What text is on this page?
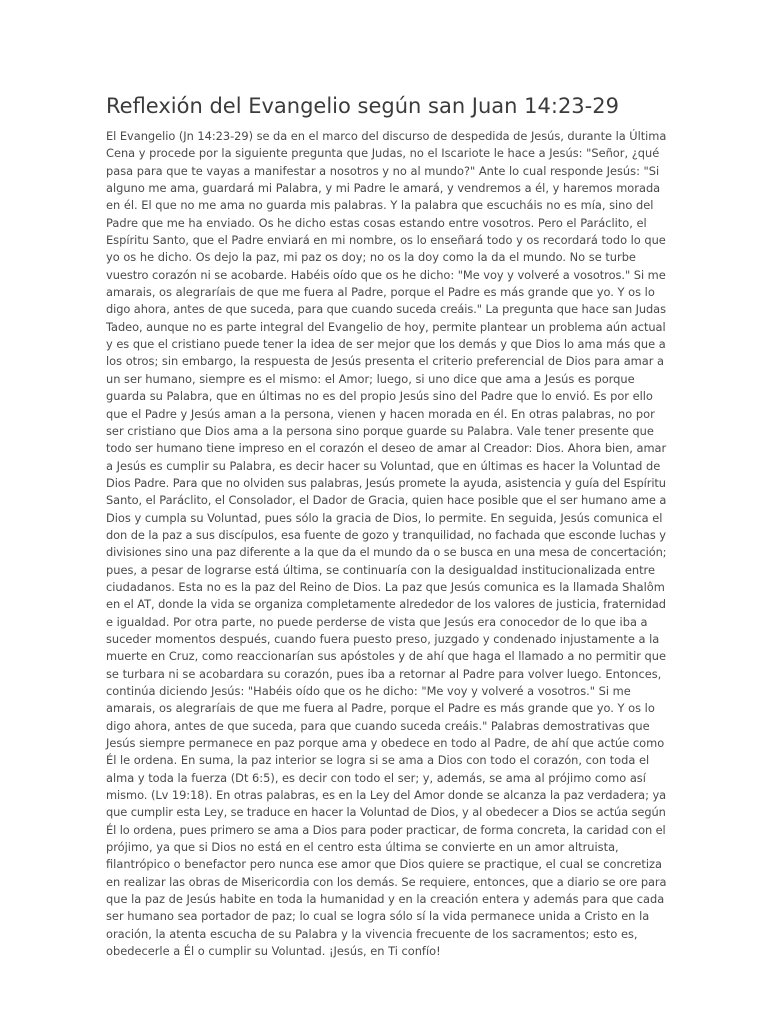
Reflexión del Evangelio según san Juan 14:23-29
El Evangelio (Jn 14:23-29) se da en el marco del discurso de despedida de Jesús, durante la Última
Cena y procede por la siguiente pregunta que Judas, no el Iscariote le hace a Jesús: "Señor, ¿qué
pasa para que te vayas a manifestar a nosotros y no al mundo?" Ante lo cual responde Jesús: "Si
alguno me ama, guardará mi Palabra, y mi Padre le amará, y vendremos a él, y haremos morada
en él. El que no me ama no guarda mis palabras. Y la palabra que escucháis no es mía, sino del
Padre que me ha enviado. Os he dicho estas cosas estando entre vosotros. Pero el Paráclito, el
Espíritu Santo, que el Padre enviará en mi nombre, os lo enseñará todo y os recordará todo lo que
yo os he dicho. Os dejo la paz, mi paz os doy; no os la doy como la da el mundo. No se turbe
vuestro corazón ni se acobarde. Habéis oído que os he dicho: "Me voy y volveré a vosotros." Si me
amarais, os alegraríais de que me fuera al Padre, porque el Padre es más grande que yo. Y os lo
digo ahora, antes de que suceda, para que cuando suceda creáis." La pregunta que hace san Judas
Tadeo, aunque no es parte integral del Evangelio de hoy, permite plantear un problema aún actual
y es que el cristiano puede tener la idea de ser mejor que los demás y que Dios lo ama más que a
los otros; sin embargo, la respuesta de Jesús presenta el criterio preferencial de Dios para amar a
un ser humano, siempre es el mismo: el Amor; luego, si uno dice que ama a Jesús es porque
guarda su Palabra, que en últimas no es del propio Jesús sino del Padre que lo envió. Es por ello
que el Padre y Jesús aman a la persona, vienen y hacen morada en él. En otras palabras, no por
ser cristiano que Dios ama a la persona sino porque guarde su Palabra. Vale tener presente que
todo ser humano tiene impreso en el corazón el deseo de amar al Creador: Dios. Ahora bien, amar
a Jesús es cumplir su Palabra, es decir hacer su Voluntad, que en últimas es hacer la Voluntad de
Dios Padre. Para que no olviden sus palabras, Jesús promete la ayuda, asistencia y guía del Espíritu
Santo, el Paráclito, el Consolador, el Dador de Gracia, quien hace posible que el ser humano ame a
Dios y cumpla su Voluntad, pues sólo la gracia de Dios, lo permite. En seguida, Jesús comunica el
don de la paz a sus discípulos, esa fuente de gozo y tranquilidad, no fachada que esconde luchas y
divisiones sino una paz diferente a la que da el mundo da o se busca en una mesa de concertación;
pues, a pesar de lograrse está última, se continuaría con la desigualdad institucionalizada entre
ciudadanos. Esta no es la paz del Reino de Dios. La paz que Jesús comunica es la llamada Shalôm
en el AT, donde la vida se organiza completamente alrededor de los valores de justicia, fraternidad
e igualdad. Por otra parte, no puede perderse de vista que Jesús era conocedor de lo que iba a
suceder momentos después, cuando fuera puesto preso, juzgado y condenado injustamente a la
muerte en Cruz, como reaccionarían sus apóstoles y de ahí que haga el llamado a no permitir que
se turbara ni se acobardara su corazón, pues iba a retornar al Padre para volver luego. Entonces,
continúa diciendo Jesús: "Habéis oído que os he dicho: "Me voy y volveré a vosotros." Si me
amarais, os alegraríais de que me fuera al Padre, porque el Padre es más grande que yo. Y os lo
digo ahora, antes de que suceda, para que cuando suceda creáis." Palabras demostrativas que
Jesús siempre permanece en paz porque ama y obedece en todo al Padre, de ahí que actúe como
Él le ordena. En suma, la paz interior se logra si se ama a Dios con todo el corazón, con toda el
alma y toda la fuerza (Dt 6:5), es decir con todo el ser; y, además, se ama al prójimo como así
mismo. (Lv 19:18). En otras palabras, es en la Ley del Amor donde se alcanza la paz verdadera; ya
que cumplir esta Ley, se traduce en hacer la Voluntad de Dios, y al obedecer a Dios se actúa según
Él lo ordena, pues primero se ama a Dios para poder practicar, de forma concreta, la caridad con el
prójimo, ya que si Dios no está en el centro esta última se convierte en un amor altruista,
filantrópico o benefactor pero nunca ese amor que Dios quiere se practique, el cual se concretiza
en realizar las obras de Misericordia con los demás. Se requiere, entonces, que a diario se ore para
que la paz de Jesús habite en toda la humanidad y en la creación entera y además para que cada
ser humano sea portador de paz; lo cual se logra sólo sí la vida permanece unida a Cristo en la
oración, la atenta escucha de su Palabra y la vivencia frecuente de los sacramentos; esto es,
obedecerle a Él o cumplir su Voluntad. ¡Jesús, en Ti confío!
